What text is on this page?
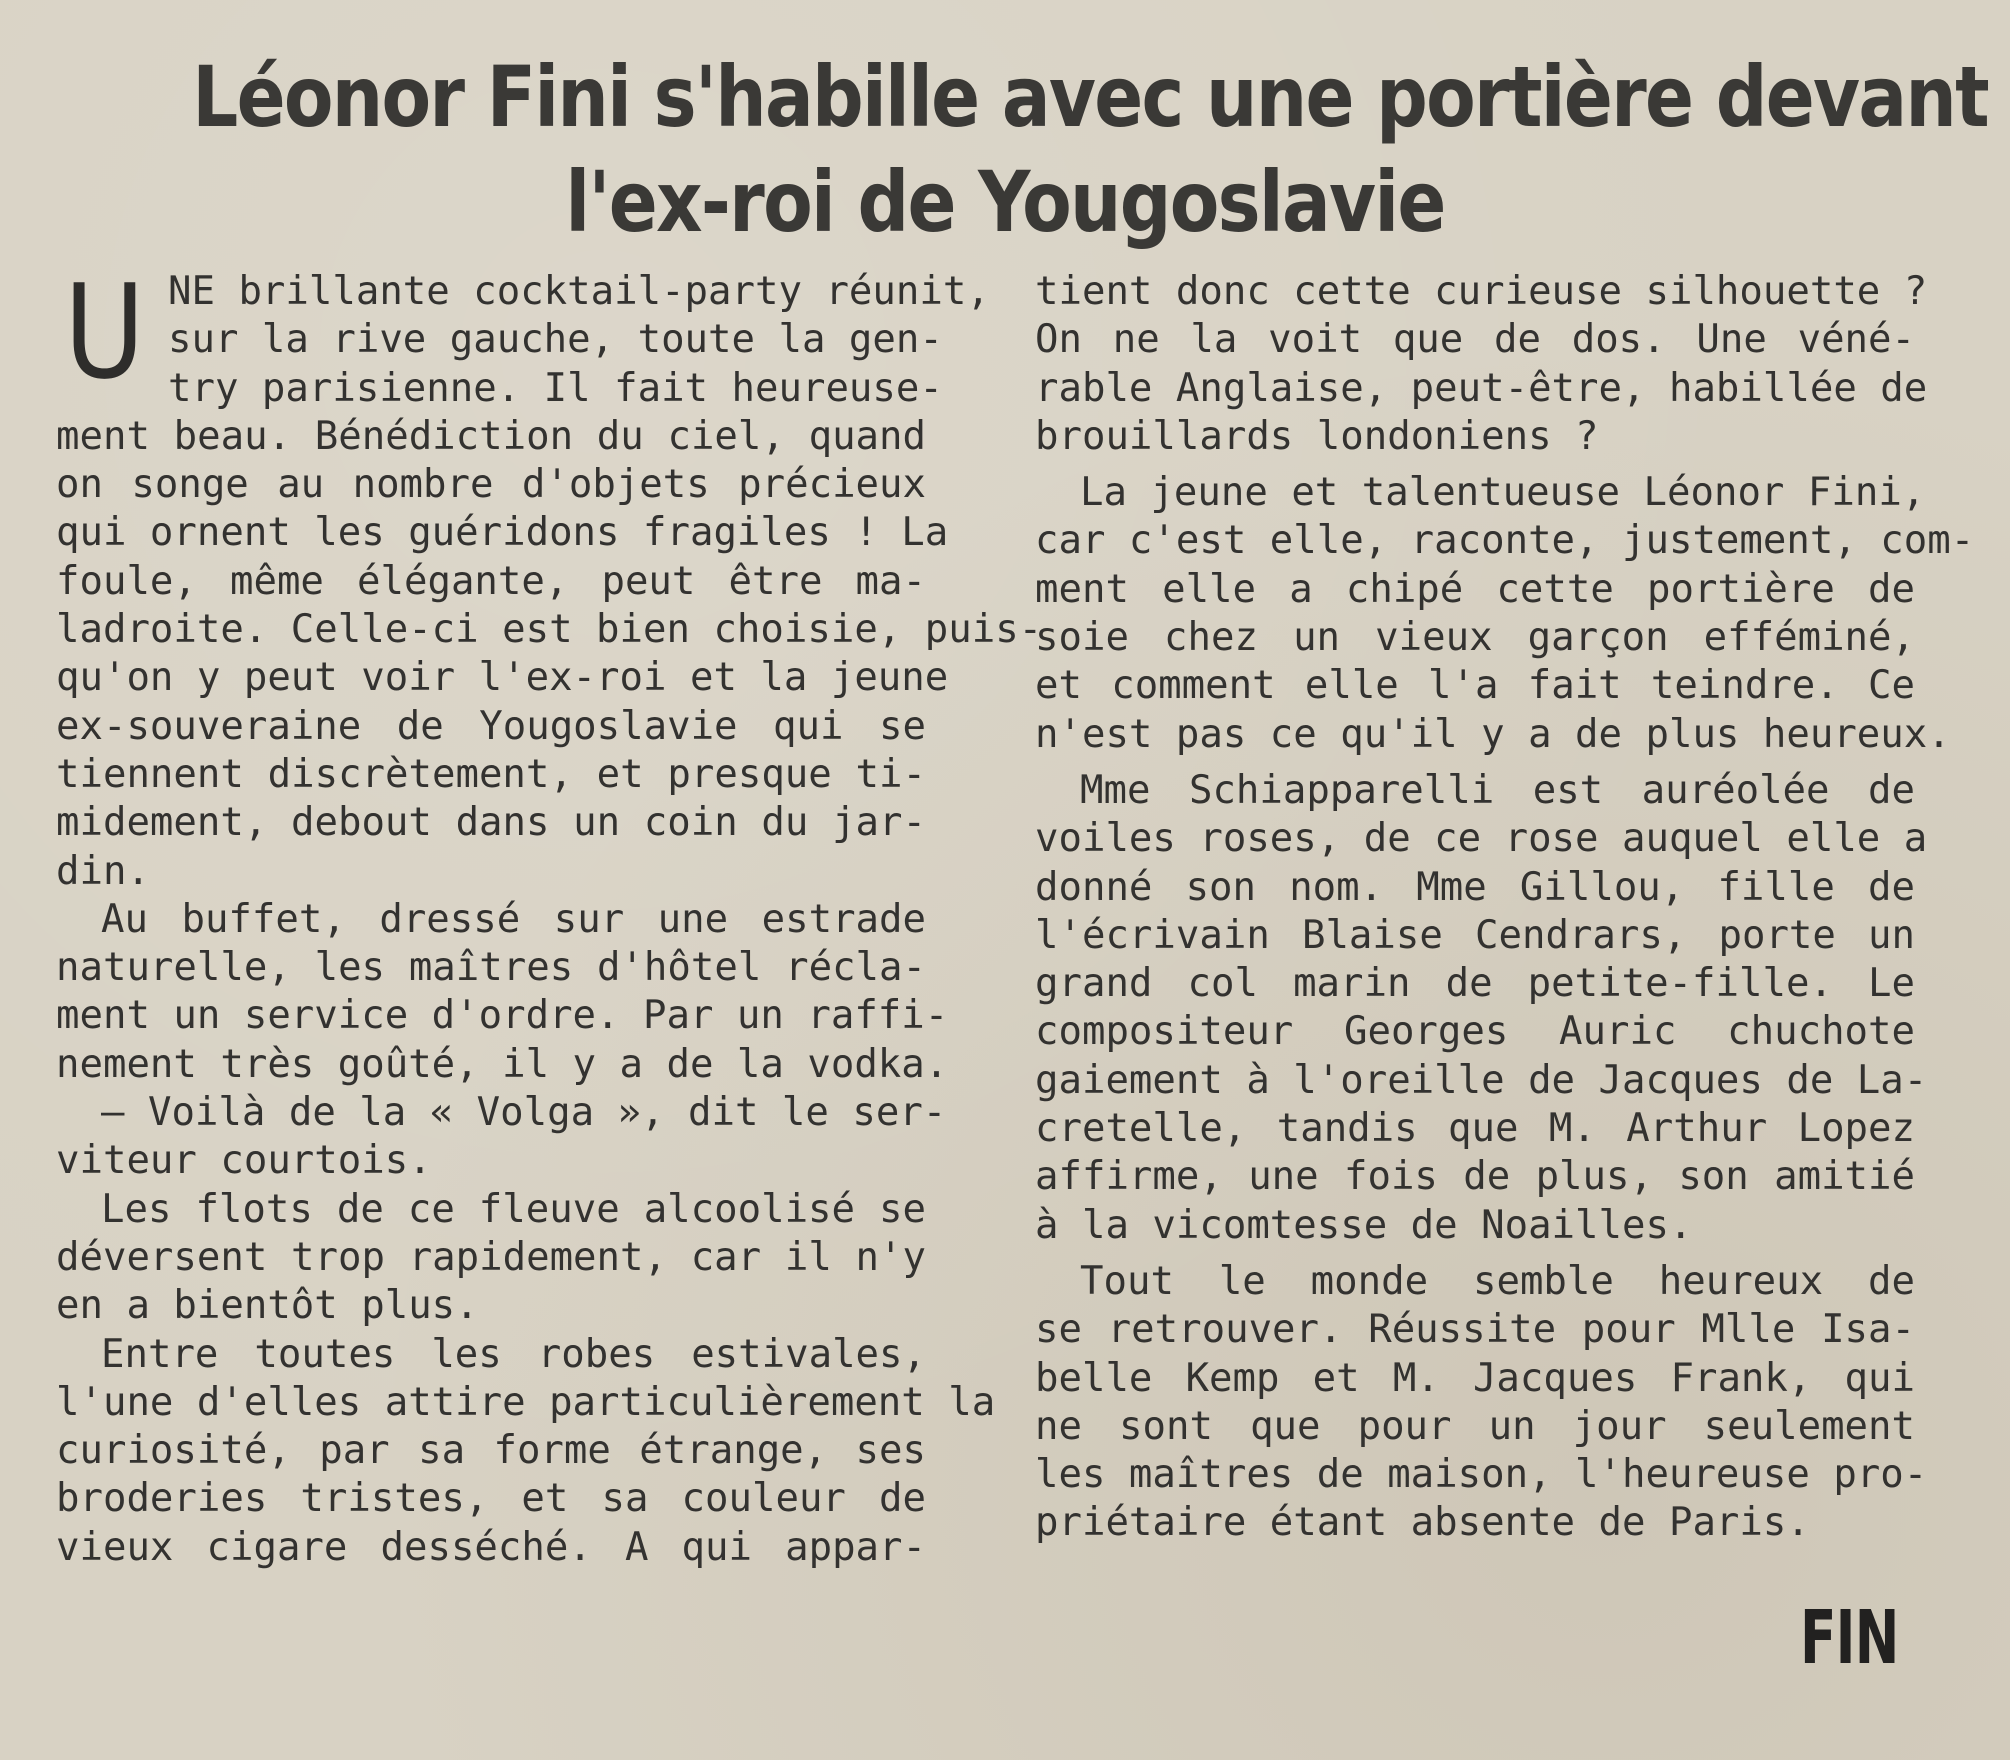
Léonor Fini s'habille avec une portière devant
l'ex-roi de Yougoslavie
U NE brillante cocktail-party réunit,
sur la rive gauche, toute la gen-
try parisienne. Il fait heureuse-
ment beau. Bénédiction du ciel, quand
on songe au nombre d'objets précieux
qui ornent les guéridons fragiles ! La
foule, même élégante, peut être ma-
ladroite. Celle-ci est bien choisie, puis-
qu'on y peut voir l'ex-roi et la jeune
ex-souveraine de Yougoslavie qui se
tiennent discrètement, et presque ti-
midement, debout dans un coin du jar-
din.
Au buffet, dressé sur une estrade
naturelle, les maîtres d'hôtel récla-
ment un service d'ordre. Par un raffi-
nement très goûté, il y a de la vodka.
— Voilà de la « Volga », dit le ser-
viteur courtois.
Les flots de ce fleuve alcoolisé se
déversent trop rapidement, car il n'y
en a bientôt plus.
Entre toutes les robes estivales,
l'une d'elles attire particulièrement la
curiosité, par sa forme étrange, ses
broderies tristes, et sa couleur de
vieux cigare desséché. A qui appar-
tient donc cette curieuse silhouette ?
On ne la voit que de dos. Une véné-
rable Anglaise, peut-être, habillée de
brouillards londoniens ?
La jeune et talentueuse Léonor Fini,
car c'est elle, raconte, justement, com-
ment elle a chipé cette portière de
soie chez un vieux garçon efféminé,
et comment elle l'a fait teindre. Ce
n'est pas ce qu'il y a de plus heureux.
Mme Schiapparelli est auréolée de
voiles roses, de ce rose auquel elle a
donné son nom. Mme Gillou, fille de
l'écrivain Blaise Cendrars, porte un
grand col marin de petite-fille. Le
compositeur Georges Auric chuchote
gaiement à l'oreille de Jacques de La-
cretelle, tandis que M. Arthur Lopez
affirme, une fois de plus, son amitié
à la vicomtesse de Noailles.
Tout le monde semble heureux de
se retrouver. Réussite pour Mlle Isa-
belle Kemp et M. Jacques Frank, qui
ne sont que pour un jour seulement
les maîtres de maison, l'heureuse pro-
priétaire étant absente de Paris.
FIN
